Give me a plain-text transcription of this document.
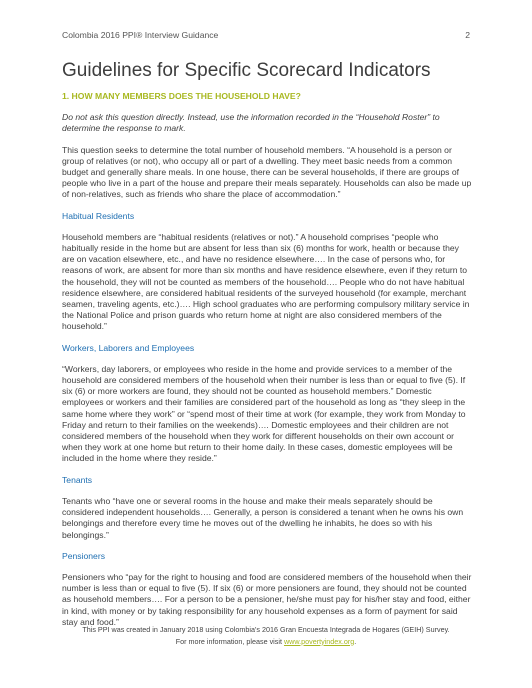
Colombia 2016 PPI® Interview Guidance	2
Guidelines for Specific Scorecard Indicators
1. HOW MANY MEMBERS DOES THE HOUSEHOLD HAVE?

Do not ask this question directly. Instead, use the information recorded in the “Household Roster” to determine the response to mark.

This question seeks to determine the total number of household members. “A household is a person or group of relatives (or not), who occupy all or part of a dwelling. They meet basic needs from a common budget and generally share meals. In one house, there can be several households, if there are groups of people who live in a part of the house and prepare their meals separately. Households can also be made up of non-relatives, such as friends who share the place of accommodation.”

Habitual Residents

Household members are “habitual residents (relatives or not).” A household comprises “people who habitually reside in the home but are absent for less than six (6) months for work, health or because they are on vacation elsewhere, etc., and have no residence elsewhere…. In the case of persons who, for reasons of work, are absent for more than six months and have residence elsewhere, even if they return to the household, they will not be counted as members of the household…. People who do not have habitual residence elsewhere, are considered habitual residents of the surveyed household (for example, merchant seamen, traveling agents, etc.)…. High school graduates who are performing compulsory military service in the National Police and prison guards who return home at night are also considered members of the household.”

Workers, Laborers and Employees

“Workers, day laborers, or employees who reside in the home and provide services to a member of the household are considered members of the household when their number is less than or equal to five (5). If six (6) or more workers are found, they should not be counted as household members.” Domestic employees or workers and their families are considered part of the household as long as “they sleep in the same home where they work” or “spend most of their time at work (for example, they work from Monday to Friday and return to their families on the weekends)…. Domestic employees and their children are not considered members of the household when they work for different households on their own account or when they work at one home but return to their home daily. In these cases, domestic employees will be included in the home where they reside.”

Tenants

Tenants who “have one or several rooms in the house and make their meals separately should be considered independent households…. Generally, a person is considered a tenant when he owns his own belongings and therefore every time he moves out of the dwelling he inhabits, he does so with his belongings.”

Pensioners

Pensioners who “pay for the right to housing and food are considered members of the household when their number is less than or equal to five (5). If six (6) or more pensioners are found, they should not be counted as household members…. For a person to be a pensioner, he/she must pay for his/her stay and food, either in kind, with money or by taking responsibility for any household expenses as a form of payment for said stay and food.”

This PPI was created in January 2018 using Colombia’s 2016 Gran Encuesta Integrada de Hogares (GEIH) Survey.
For more information, please visit www.povertyindex.org.
